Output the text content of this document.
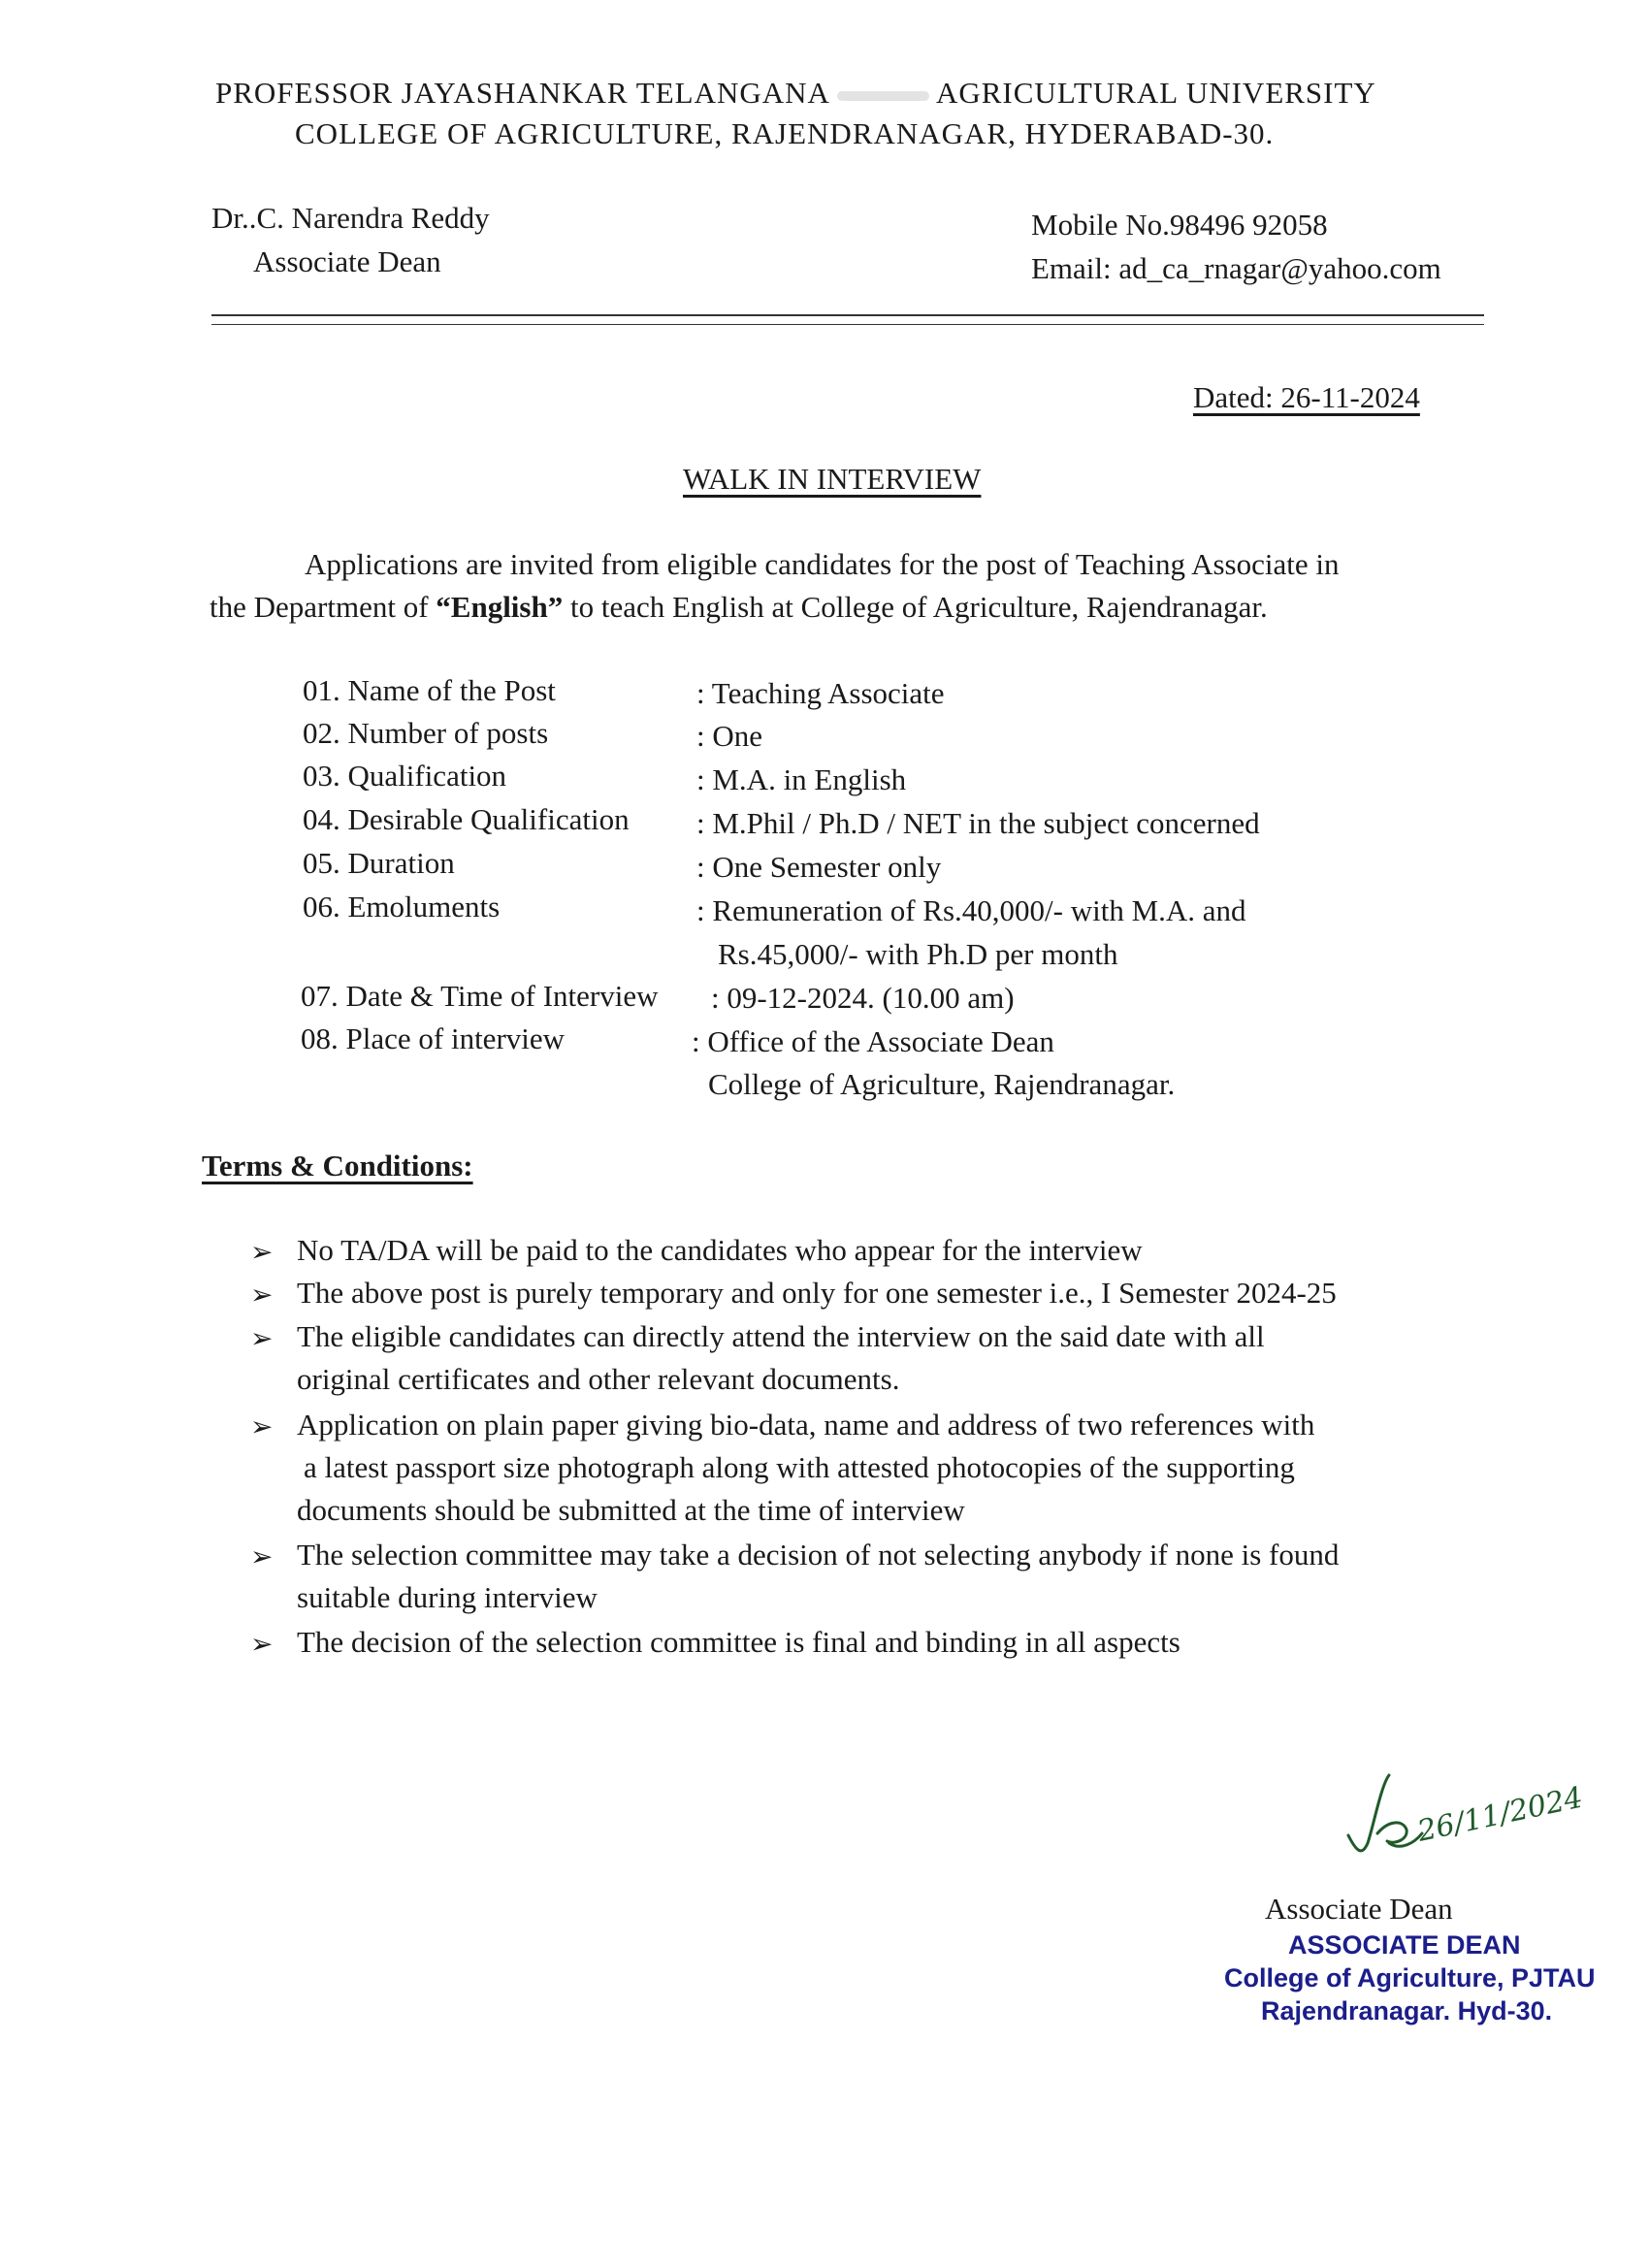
PROFESSOR JAYASHANKAR TELANGANA	AGRICULTURAL UNIVERSITY
COLLEGE OF AGRICULTURE, RAJENDRANAGAR, HYDERABAD-30.
Dr..C. Narendra Reddy
Associate Dean
Mobile No.98496 92058
Email: ad_ca_rnagar@yahoo.com
Dated: 26-11-2024
WALK IN INTERVIEW
Applications are invited from eligible candidates for the post of Teaching Associate in
the Department of “English” to teach English at College of Agriculture, Rajendranagar.
01. Name of the Post	: Teaching Associate
02. Number of posts	: One
03. Qualification	: M.A. in English
04. Desirable Qualification : M.Phil / Ph.D / NET in the subject concerned
05. Duration	: One Semester only
06. Emoluments	: Remuneration of Rs.40,000/- with M.A. and
Rs.45,000/- with Ph.D per month
07. Date & Time of Interview : 09-12-2024. (10.00 am)
08. Place of interview	: Office of the Associate Dean
College of Agriculture, Rajendranagar.
Terms & Conditions:
➢ No TA/DA will be paid to the candidates who appear for the interview
➢ The above post is purely temporary and only for one semester i.e., I Semester 2024-25
➢ The eligible candidates can directly attend the interview on the said date with all
original certificates and other relevant documents.
➢ Application on plain paper giving bio-data, name and address of two references with
a latest passport size photograph along with attested photocopies of the supporting
documents should be submitted at the time of interview
➢ The selection committee may take a decision of not selecting anybody if none is found
suitable during interview
➢ The decision of the selection committee is final and binding in all aspects
26/11/2024
Associate Dean
ASSOCIATE DEAN
College of Agriculture, PJTAU
Rajendranagar. Hyd-30.
